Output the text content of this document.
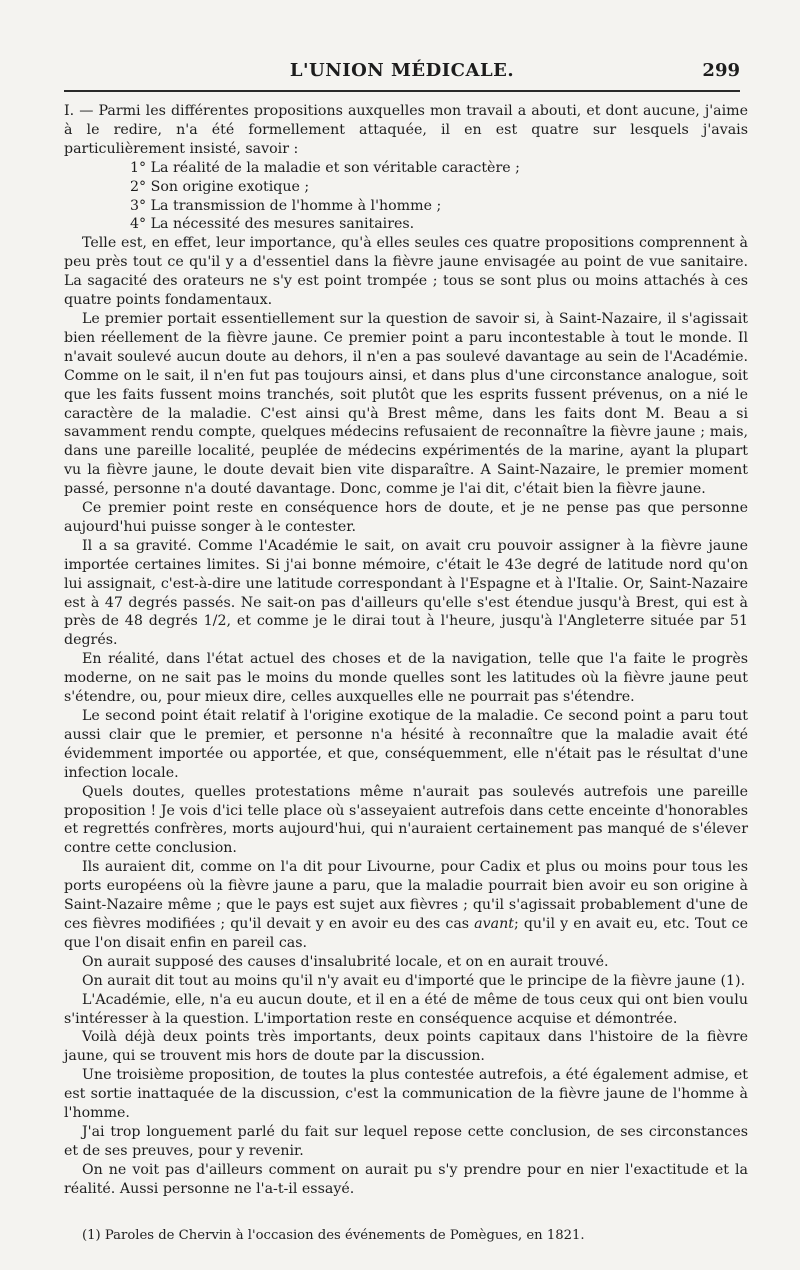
L'UNION MÉDICALE.	299

I. — Parmi les différentes propositions auxquelles mon travail a abouti, et dont aucune, j'aime à le redire, n'a été formellement attaquée, il en est quatre sur lesquels j'avais particulièrement insisté, savoir :

1° La réalité de la maladie et son véritable caractère ;

2° Son origine exotique ;

3° La transmission de l'homme à l'homme ;

4° La nécessité des mesures sanitaires.

Telle est, en effet, leur importance, qu'à elles seules ces quatre propositions comprennent à peu près tout ce qu'il y a d'essentiel dans la fièvre jaune envisagée au point de vue sanitaire. La sagacité des orateurs ne s'y est point trompée ; tous se sont plus ou moins attachés à ces quatre points fondamentaux.

Le premier portait essentiellement sur la question de savoir si, à Saint-Nazaire, il s'agissait bien réellement de la fièvre jaune. Ce premier point a paru incontestable à tout le monde. Il n'avait soulevé aucun doute au dehors, il n'en a pas soulevé davantage au sein de l'Académie. Comme on le sait, il n'en fut pas toujours ainsi, et dans plus d'une circonstance analogue, soit que les faits fussent moins tranchés, soit plutôt que les esprits fussent prévenus, on a nié le caractère de la maladie. C'est ainsi qu'à Brest même, dans les faits dont M. Beau a si savamment rendu compte, quelques médecins refusaient de reconnaître la fièvre jaune ; mais, dans une pareille localité, peuplée de médecins expérimentés de la marine, ayant la plupart vu la fièvre jaune, le doute devait bien vite disparaître. A Saint-Nazaire, le premier moment passé, personne n'a douté davantage. Donc, comme je l'ai dit, c'était bien la fièvre jaune.

Ce premier point reste en conséquence hors de doute, et je ne pense pas que personne aujourd'hui puisse songer à le contester.

Il a sa gravité. Comme l'Académie le sait, on avait cru pouvoir assigner à la fièvre jaune importée certaines limites. Si j'ai bonne mémoire, c'était le 43e degré de latitude nord qu'on lui assignait, c'est-à-dire une latitude correspondant à l'Espagne et à l'Italie. Or, Saint-Nazaire est à 47 degrés passés. Ne sait-on pas d'ailleurs qu'elle s'est étendue jusqu'à Brest, qui est à près de 48 degrés 1/2, et comme je le dirai tout à l'heure, jusqu'à l'Angleterre située par 51 degrés.

En réalité, dans l'état actuel des choses et de la navigation, telle que l'a faite le progrès moderne, on ne sait pas le moins du monde quelles sont les latitudes où la fièvre jaune peut s'étendre, ou, pour mieux dire, celles auxquelles elle ne pourrait pas s'étendre.

Le second point était relatif à l'origine exotique de la maladie. Ce second point a paru tout aussi clair que le premier, et personne n'a hésité à reconnaître que la maladie avait été évidemment importée ou apportée, et que, conséquemment, elle n'était pas le résultat d'une infection locale.

Quels doutes, quelles protestations même n'aurait pas soulevés autrefois une pareille proposition ! Je vois d'ici telle place où s'asseyaient autrefois dans cette enceinte d'honorables et regrettés confrères, morts aujourd'hui, qui n'auraient certainement pas manqué de s'élever contre cette conclusion.

Ils auraient dit, comme on l'a dit pour Livourne, pour Cadix et plus ou moins pour tous les ports européens où la fièvre jaune a paru, que la maladie pourrait bien avoir eu son origine à Saint-Nazaire même ; que le pays est sujet aux fièvres ; qu'il s'agissait probablement d'une de ces fièvres modifiées ; qu'il devait y en avoir eu des cas avant; qu'il y en avait eu, etc. Tout ce que l'on disait enfin en pareil cas.

On aurait supposé des causes d'insalubrité locale, et on en aurait trouvé.

On aurait dit tout au moins qu'il n'y avait eu d'importé que le principe de la fièvre jaune (1).

L'Académie, elle, n'a eu aucun doute, et il en a été de même de tous ceux qui ont bien voulu s'intéresser à la question. L'importation reste en conséquence acquise et démontrée.

Voilà déjà deux points très importants, deux points capitaux dans l'histoire de la fièvre jaune, qui se trouvent mis hors de doute par la discussion.

Une troisième proposition, de toutes la plus contestée autrefois, a été également admise, et est sortie inattaquée de la discussion, c'est la communication de la fièvre jaune de l'homme à l'homme.

J'ai trop longuement parlé du fait sur lequel repose cette conclusion, de ses circonstances et de ses preuves, pour y revenir.

On ne voit pas d'ailleurs comment on aurait pu s'y prendre pour en nier l'exactitude et la réalité. Aussi personne ne l'a-t-il essayé.

(1) Paroles de Chervin à l'occasion des événements de Pomègues, en 1821.
